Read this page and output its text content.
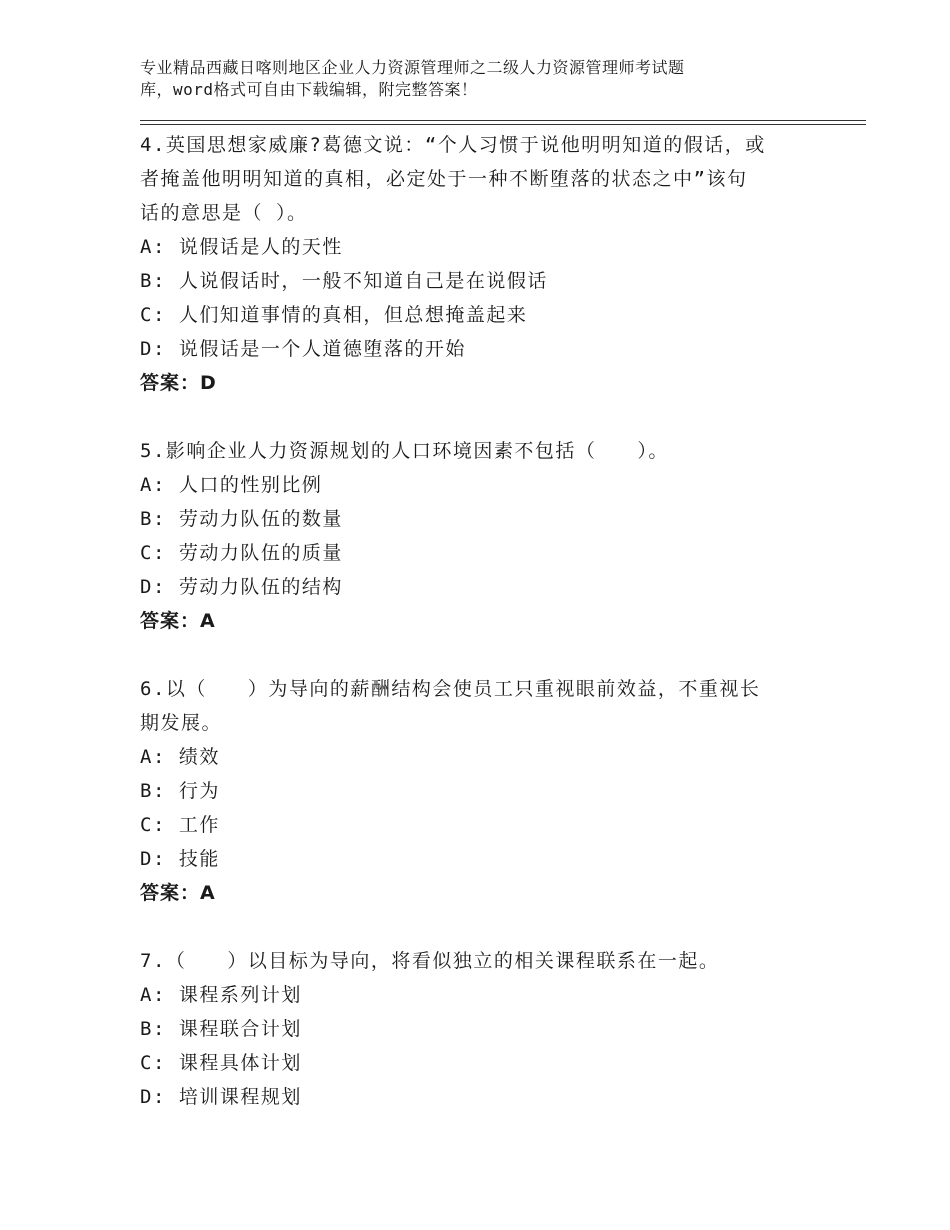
专业精品西藏日喀则地区企业人力资源管理师之二级人力资源管理师考试题
库，word格式可自由下载编辑，附完整答案！
4.英国思想家威廉?葛德文说：“个人习惯于说他明明知道的假话，或
者掩盖他明明知道的真相，必定处于一种不断堕落的状态之中”该句
话的意思是（ ）。
A: 说假话是人的天性
B: 人说假话时，一般不知道自己是在说假话
C: 人们知道事情的真相，但总想掩盖起来
D: 说假话是一个人道德堕落的开始
答案：D
5.影响企业人力资源规划的人口环境因素不包括（　　）。
A: 人口的性别比例
B: 劳动力队伍的数量
C: 劳动力队伍的质量
D: 劳动力队伍的结构
答案：A
6.以（　　）为导向的薪酬结构会使员工只重视眼前效益，不重视长
期发展。
A: 绩效
B: 行为
C: 工作
D: 技能
答案：A
7.（　　）以目标为导向，将看似独立的相关课程联系在一起。
A: 课程系列计划
B: 课程联合计划
C: 课程具体计划
D: 培训课程规划
